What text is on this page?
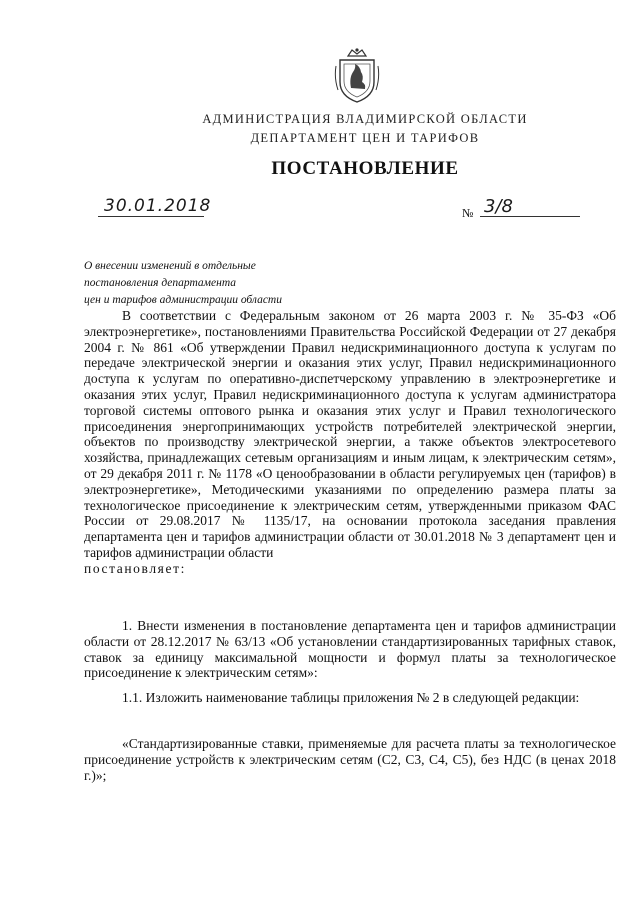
АДМИНИСТРАЦИЯ ВЛАДИМИРСКОЙ ОБЛАСТИ
ДЕПАРТАМЕНТ ЦЕН И ТАРИФОВ
ПОСТАНОВЛЕНИЕ
30.01.2018	№ 3/8
О внесении изменений в отдельные
постановления департамента
цен и тарифов администрации области

В соответствии с Федеральным законом от 26 марта 2003 г. № 35-ФЗ «Об электроэнергетике», постановлениями Правительства Российской Федерации от 27 декабря 2004 г. № 861 «Об утверждении Правил недискриминационного доступа к услугам по передаче электрической энергии и оказания этих услуг, Правил недискриминационного доступа к услугам по оперативно-диспетчерскому управлению в электроэнергетике и оказания этих услуг, Правил недискриминационного доступа к услугам администратора торговой системы оптового рынка и оказания этих услуг и Правил технологического присоединения энергопринимающих устройств потребителей электрической энергии, объектов по производству электрической энергии, а также объектов электросетевого хозяйства, принадлежащих сетевым организациям и иным лицам, к электрическим сетям», от 29 декабря 2011 г. № 1178 «О ценообразовании в области регулируемых цен (тарифов) в электроэнергетике», Методическими указаниями по определению размера платы за технологическое присоединение к электрическим сетям, утвержденными приказом ФАС России от 29.08.2017 № 1135/17, на основании протокола заседания правления департамента цен и тарифов администрации области от 30.01.2018 № 3 департамент цен и тарифов администрации области

постановляет:

1. Внести изменения в постановление департамента цен и тарифов администрации области от 28.12.2017 № 63/13 «Об установлении стандартизированных тарифных ставок, ставок за единицу максимальной мощности и формул платы за технологическое присоединение к электрическим сетям»:

1.1. Изложить наименование таблицы приложения № 2 в следующей редакции:

«Стандартизированные ставки, применяемые для расчета платы за технологическое присоединение устройств к электрическим сетям (С2, С3, С4, С5), без НДС (в ценах 2018 г.)»;
